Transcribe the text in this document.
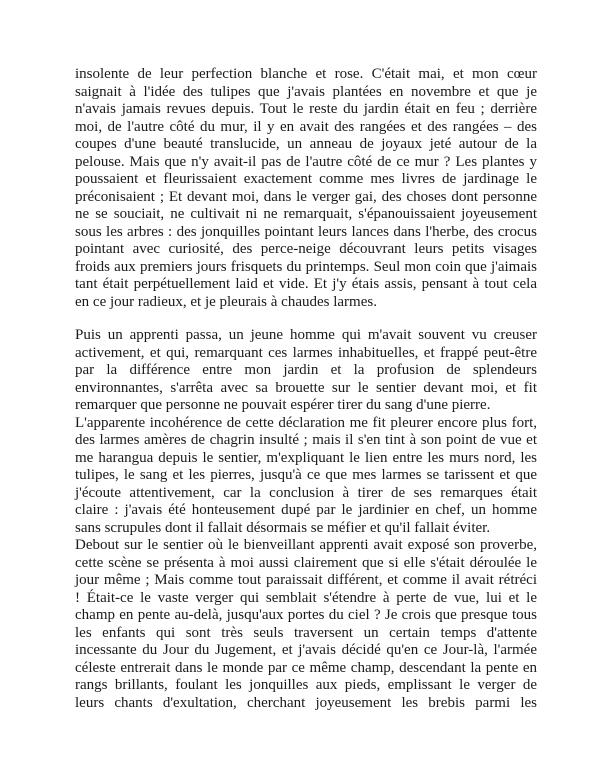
insolente de leur perfection blanche et rose. C'était mai, et mon cœur
saignait à l'idée des tulipes que j'avais plantées en novembre et que je
n'avais jamais revues depuis. Tout le reste du jardin était en feu ; derrière
moi, de l'autre côté du mur, il y en avait des rangées et des rangées – des
coupes d'une beauté translucide, un anneau de joyaux jeté autour de la
pelouse. Mais que n'y avait-il pas de l'autre côté de ce mur ? Les plantes y
poussaient et fleurissaient exactement comme mes livres de jardinage le
préconisaient ; Et devant moi, dans le verger gai, des choses dont personne
ne se souciait, ne cultivait ni ne remarquait, s'épanouissaient joyeusement
sous les arbres : des jonquilles pointant leurs lances dans l'herbe, des crocus
pointant avec curiosité, des perce-neige découvrant leurs petits visages
froids aux premiers jours frisquets du printemps. Seul mon coin que j'aimais
tant était perpétuellement laid et vide. Et j'y étais assis, pensant à tout cela
en ce jour radieux, et je pleurais à chaudes larmes.
Puis un apprenti passa, un jeune homme qui m'avait souvent vu creuser
activement, et qui, remarquant ces larmes inhabituelles, et frappé peut-être
par la différence entre mon jardin et la profusion de splendeurs
environnantes, s'arrêta avec sa brouette sur le sentier devant moi, et fit
remarquer que personne ne pouvait espérer tirer du sang d'une pierre.
L'apparente incohérence de cette déclaration me fit pleurer encore plus fort,
des larmes amères de chagrin insulté ; mais il s'en tint à son point de vue et
me harangua depuis le sentier, m'expliquant le lien entre les murs nord, les
tulipes, le sang et les pierres, jusqu'à ce que mes larmes se tarissent et que
j'écoute attentivement, car la conclusion à tirer de ses remarques était
claire : j'avais été honteusement dupé par le jardinier en chef, un homme
sans scrupules dont il fallait désormais se méfier et qu'il fallait éviter.
Debout sur le sentier où le bienveillant apprenti avait exposé son proverbe,
cette scène se présenta à moi aussi clairement que si elle s'était déroulée le
jour même ; Mais comme tout paraissait différent, et comme il avait rétréci
! Était-ce le vaste verger qui semblait s'étendre à perte de vue, lui et le
champ en pente au-delà, jusqu'aux portes du ciel ? Je crois que presque tous
les enfants qui sont très seuls traversent un certain temps d'attente
incessante du Jour du Jugement, et j'avais décidé qu'en ce Jour-là, l'armée
céleste entrerait dans le monde par ce même champ, descendant la pente en
rangs brillants, foulant les jonquilles aux pieds, emplissant le verger de
leurs chants d'exultation, cherchant joyeusement les brebis parmi les
